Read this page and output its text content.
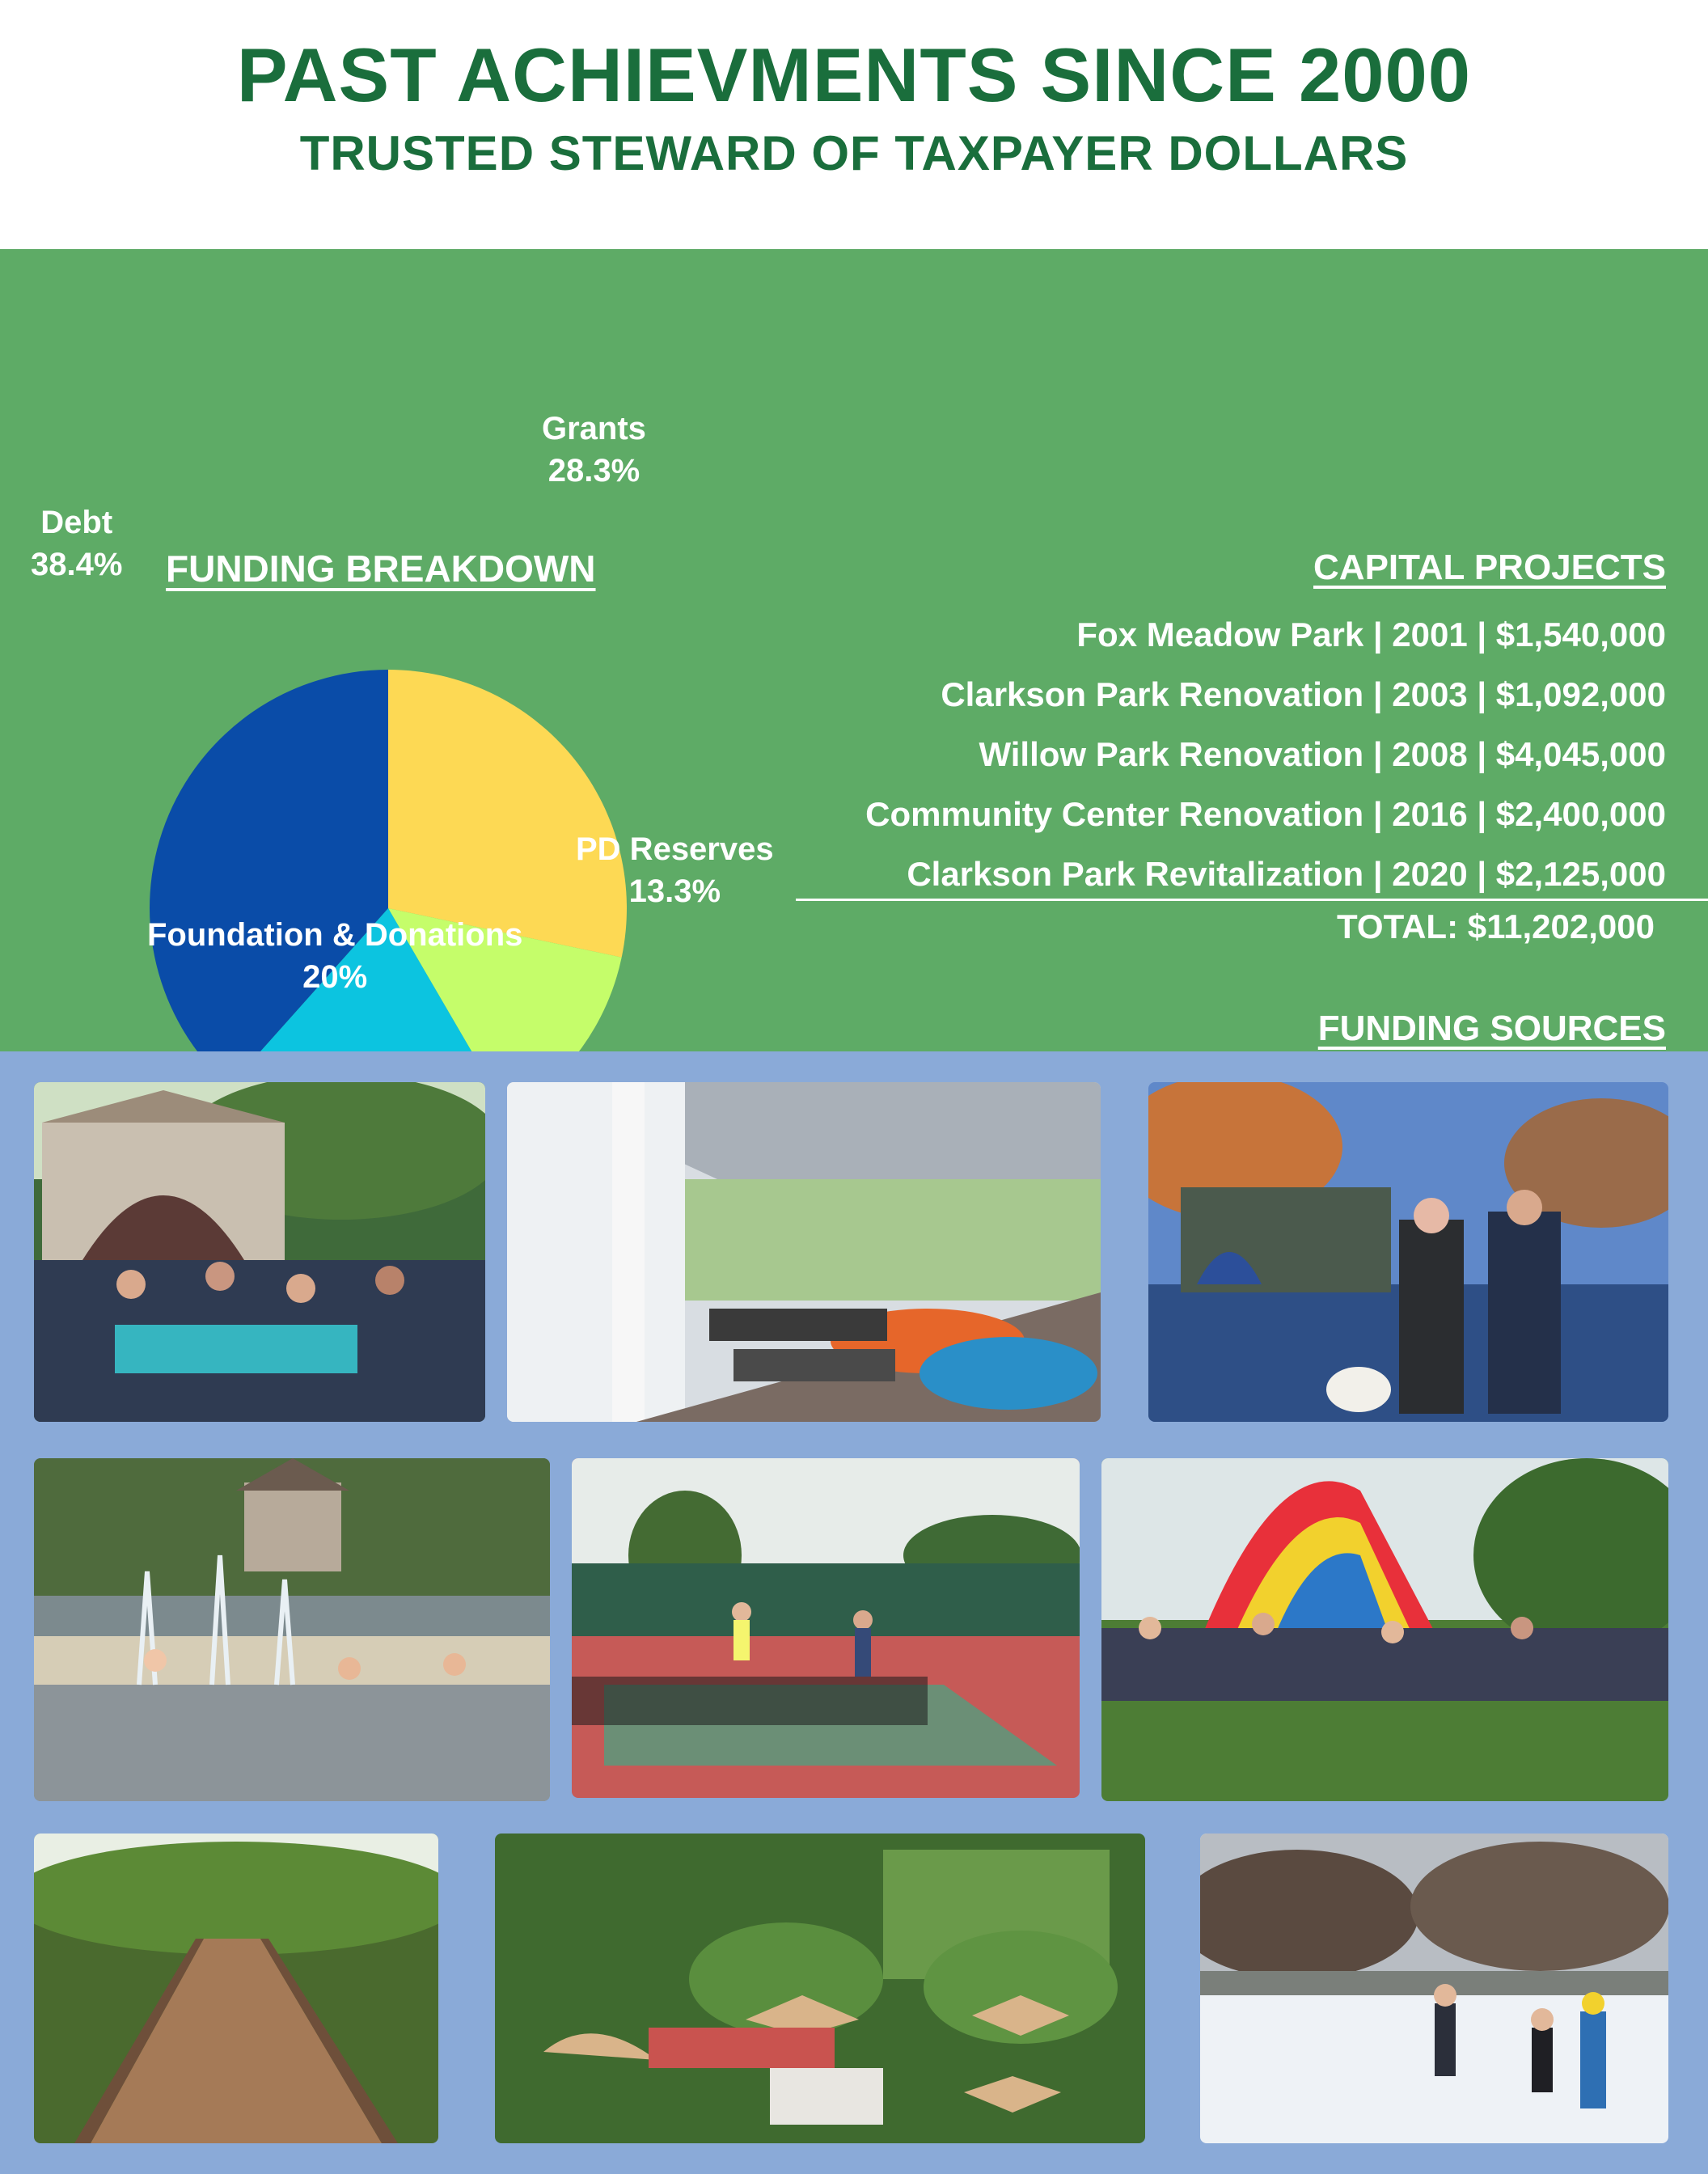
PAST ACHIEVMENTS SINCE 2000
TRUSTED STEWARD OF TAXPAYER DOLLARS
FUNDING BREAKDOWN
Grants
28.3%
PD Reserves
13.3%
Foundation & Donations
20%
Debt
38.4%	CAPITAL PROJECTS
Fox Meadow Park | 2001 | $1,540,000
Clarkson Park Renovation | 2003 | $1,092,000
Willow Park Renovation | 2008 | $4,045,000
Community Center Renovation | 2016 | $2,400,000
Clarkson Park Revitalization | 2020 | $2,125,000
TOTAL: $11,202,000
FUNDING SOURCES
